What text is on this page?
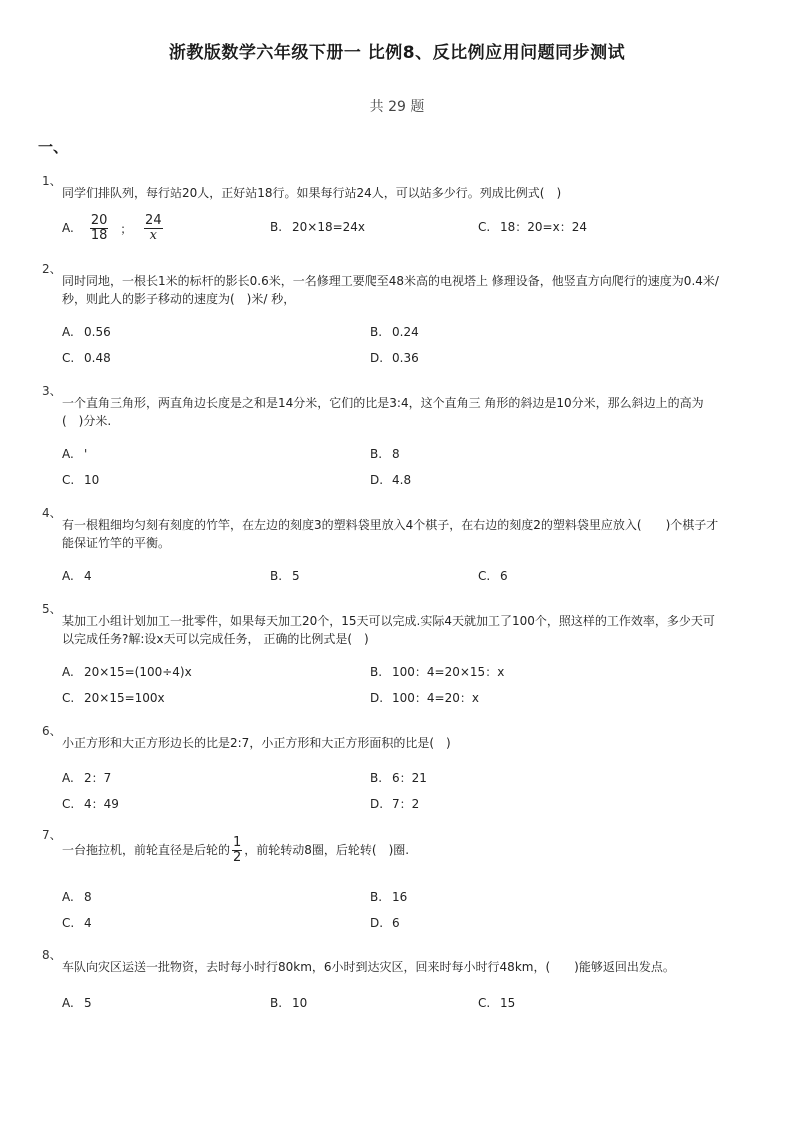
浙教版数学六年级下册一 比例8、反比例应用问题同步测试
共 29 题
一、
1、
同学们排队列，每行站20人，正好站18行。如果每行站24人，可以站多少行。列成比例式(　)
A. $\frac{20}{18}$ ； $\frac{24}{x}$	B. 20×18=24x	C. 18：20=x：24
2、
同时同地，一根长1米的标杆的影长0.6米，一名修理工要爬至48米高的电视塔上 修理设备，他竖直方向爬行的速度为0.4米/秒，则此人的影子移动的速度为(　)米/ 秒，
A. 0.56	B. 0.24
C. 0.48	D. 0.36
3、
一个直角三角形，两直角边长度是之和是14分米，它们的比是3:4，这个直角三 角形的斜边是10分米，那么斜边上的高为(　)分米.
A. '	B. 8
C. 10	D. 4.8
4、
有一根粗细均匀刻有刻度的竹竿，在左边的刻度3的塑料袋里放入4个棋子，在右边的刻度2的塑料袋里应放入(　　)个棋子才能保证竹竿的平衡。
A. 4	B. 5	C. 6
5、
某加工小组计划加工一批零件，如果每天加工20个，15天可以完成.实际4天就加工了100个，照这样的工作效率，多少天可以完成任务?解:设x天可以完成任务， 正确的比例式是(　)
A. 20×15=(100÷4)x	B. 100：4=20×15：x
C. 20×15=100x	D. 100：4=20：x
6、
小正方形和大正方形边长的比是2:7，小正方形和大正方形面积的比是(　)
A. 2：7	B. 6：21
C. 4：49	D. 7：2
7、
一台拖拉机，前轮直径是后轮的 $\frac{1}{2}$ ，前轮转动8圈，后轮转(　)圈.
A. 8	B. 16
C. 4	D. 6
8、
车队向灾区运送一批物资，去时每小时行80km，6小时到达灾区，回来时每小时行48km，(　　)能够返回出发点。
A. 5	B. 10	C. 15
